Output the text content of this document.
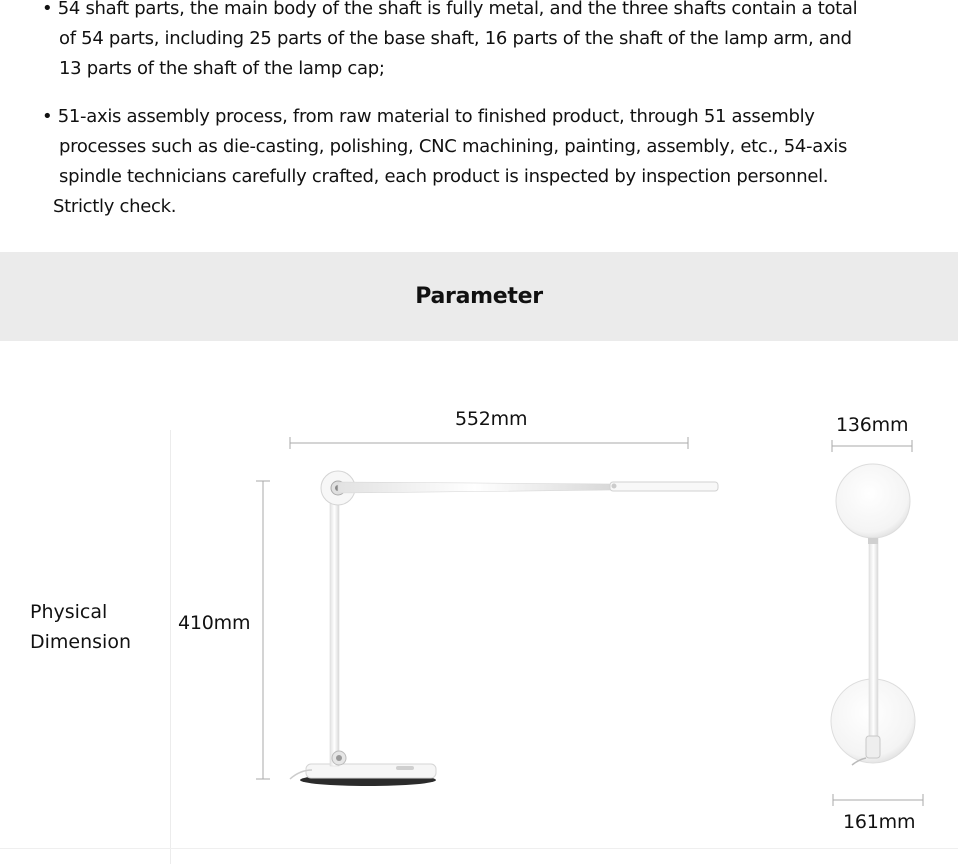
• 54 shaft parts, the main body of the shaft is fully metal, and the three shafts contain a total
of 54 parts, including 25 parts of the base shaft, 16 parts of the shaft of the lamp arm, and
13 parts of the shaft of the lamp cap;
• 51-axis assembly process, from raw material to finished product, through 51 assembly
processes such as die-casting, polishing, CNC machining, painting, assembly, etc., 54-axis
spindle technicians carefully crafted, each product is inspected by inspection personnel.
Strictly check.
Parameter
Physical
Dimension
552mm
410mm
136mm
161mm
